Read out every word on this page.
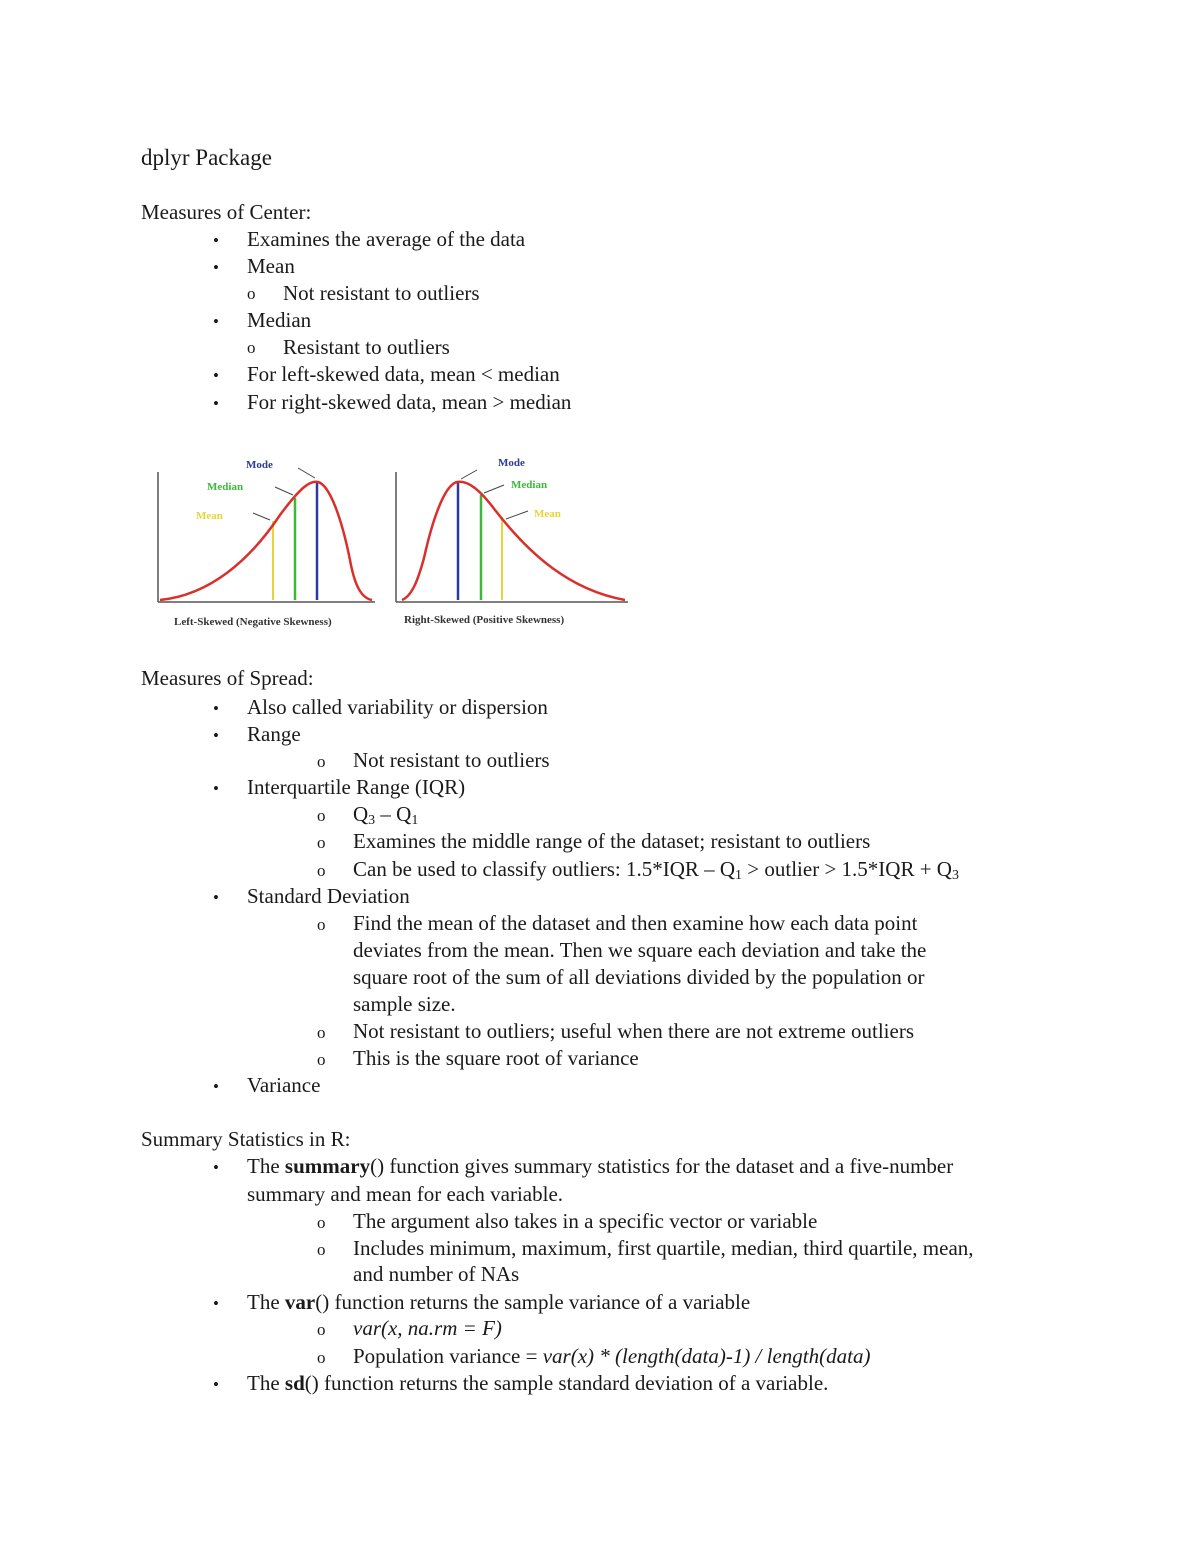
dplyr Package
Measures of Center:
• Examines the average of the data
• Mean
o Not resistant to outliers
• Median
o Resistant to outliers
• For left-skewed data, mean < median
• For right-skewed data, mean > median
Mode
Median
Mean
Mode
Median
Mean
Left-Skewed (Negative Skewness)	Right-Skewed (Positive Skewness)
Measures of Spread:
• Also called variability or dispersion
• Range
o Not resistant to outliers
• Interquartile Range (IQR)
o $Q_3 - Q_1$
o Examines the middle range of the dataset; resistant to outliers
o Can be used to classify outliers: $1.5*IQR - Q_1$ > outlier > $1.5*IQR + Q_3$
• Standard Deviation
o Find the mean of the dataset and then examine how each data point
deviates from the mean. Then we square each deviation and take the
square root of the sum of all deviations divided by the population or
sample size.
o Not resistant to outliers; useful when there are not extreme outliers
o This is the square root of variance
• Variance
Summary Statistics in R:
• The summary() function gives summary statistics for the dataset and a five-number
summary and mean for each variable.
o The argument also takes in a specific vector or variable
o Includes minimum, maximum, first quartile, median, third quartile, mean,
and number of NAs
• The var() function returns the sample variance of a variable
o var(x, na.rm = F)
o Population variance = var(x) * (length(data)-1) / length(data)
• The sd() function returns the sample standard deviation of a variable.
